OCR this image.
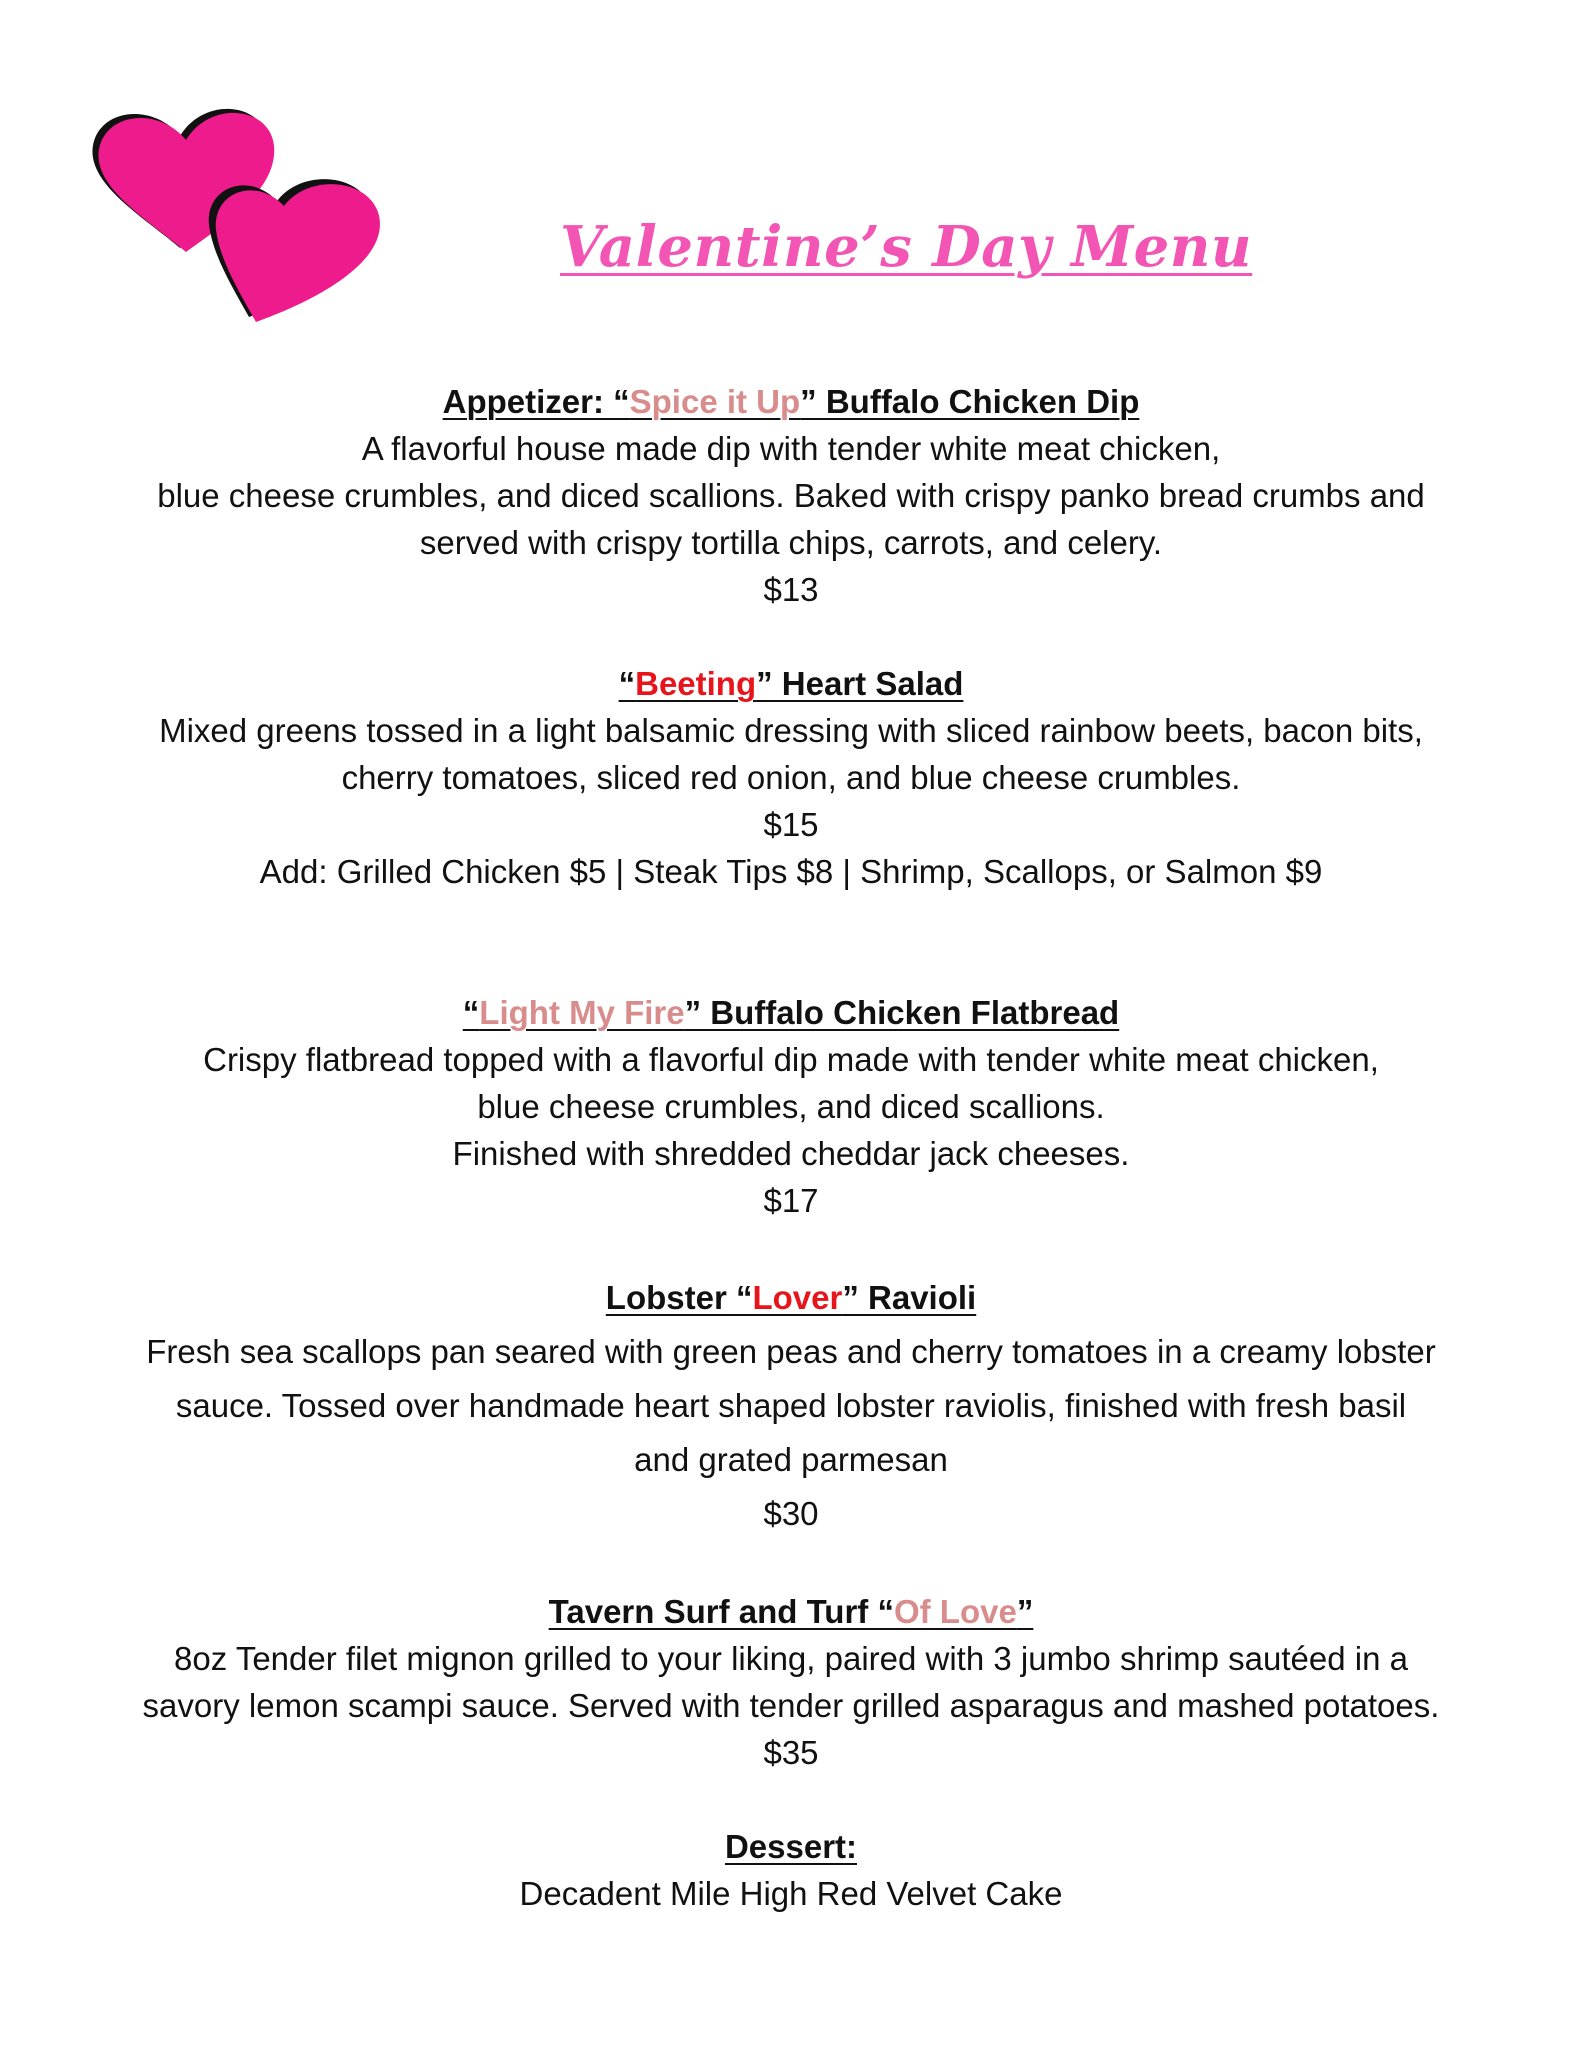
Valentine’s Day Menu

Appetizer: “Spice it Up” Buffalo Chicken Dip

A flavorful house made dip with tender white meat chicken,

blue cheese crumbles, and diced scallions. Baked with crispy panko bread crumbs and

served with crispy tortilla chips, carrots, and celery.

$13

“Beeting” Heart Salad

Mixed greens tossed in a light balsamic dressing with sliced rainbow beets, bacon bits,

cherry tomatoes, sliced red onion, and blue cheese crumbles.

$15

Add: Grilled Chicken $5 | Steak Tips $8 | Shrimp, Scallops, or Salmon $9

“Light My Fire” Buffalo Chicken Flatbread

Crispy flatbread topped with a flavorful dip made with tender white meat chicken,

blue cheese crumbles, and diced scallions.

Finished with shredded cheddar jack cheeses.

$17

Lobster “Lover” Ravioli

Fresh sea scallops pan seared with green peas and cherry tomatoes in a creamy lobster

sauce. Tossed over handmade heart shaped lobster raviolis, finished with fresh basil

and grated parmesan

$30

Tavern Surf and Turf “Of Love”

8oz Tender filet mignon grilled to your liking, paired with 3 jumbo shrimp sautéed in a

savory lemon scampi sauce. Served with tender grilled asparagus and mashed potatoes.

$35

Dessert:

Decadent Mile High Red Velvet Cake
